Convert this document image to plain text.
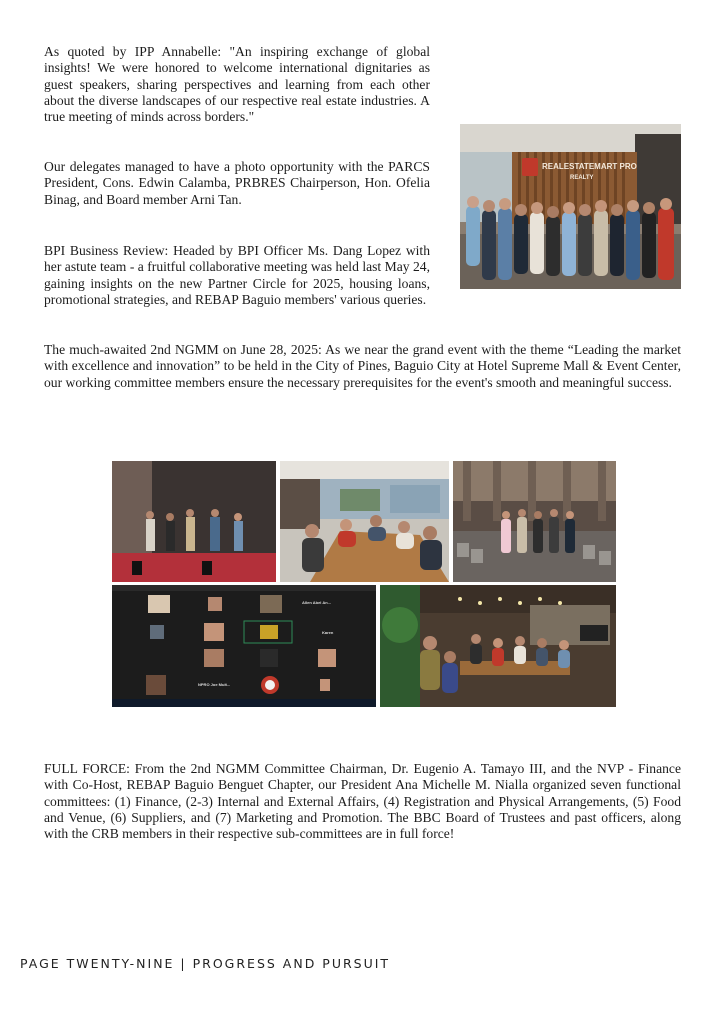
As quoted by IPP Annabelle: "An inspiring exchange of global insights! We were honored to welcome international dignitaries as guest speakers, sharing perspectives and learning from each other about the diverse landscapes of our respective real estate industries. A true meeting of minds across borders."

Our delegates managed to have a photo opportunity with the PARCS President, Cons. Edwin Calamba, PRBRES Chairperson, Hon. Ofelia Binag, and Board member Arni Tan.

BPI Business Review: Headed by BPI Officer Ms. Dang Lopez with her astute team - a fruitful collaborative meeting was held last May 24, gaining insights on the new Partner Circle for 2025, housing loans, promotional strategies, and REBAP Baguio members' various queries.

REALESTATEMART PRO
REALTY

The much-awaited 2nd NGMM on June 28, 2025: As we near the grand event with the theme “Leading the market with excellence and innovation” to be held in the City of Pines, Baguio City at Hotel Supreme Mall & Event Center, our working committee members ensure the necessary prerequisites for the event's smooth and meaningful success.

Allen Abel An...
Karen
NPRO Joe Mult...

FULL FORCE: From the 2nd NGMM Committee Chairman, Dr. Eugenio A. Tamayo III, and the NVP - Finance with Co-Host, REBAP Baguio Benguet Chapter, our President Ana Michelle M. Nialla organized seven functional committees: (1) Finance, (2-3) Internal and External Affairs, (4) Registration and Physical Arrangements, (5) Food and Venue, (6) Suppliers, and (7) Marketing and Promotion. The BBC Board of Trustees and past officers, along with the CRB members in their respective sub-committees are in full force!

PAGE TWENTY-NINE | PROGRESS AND PURSUIT
